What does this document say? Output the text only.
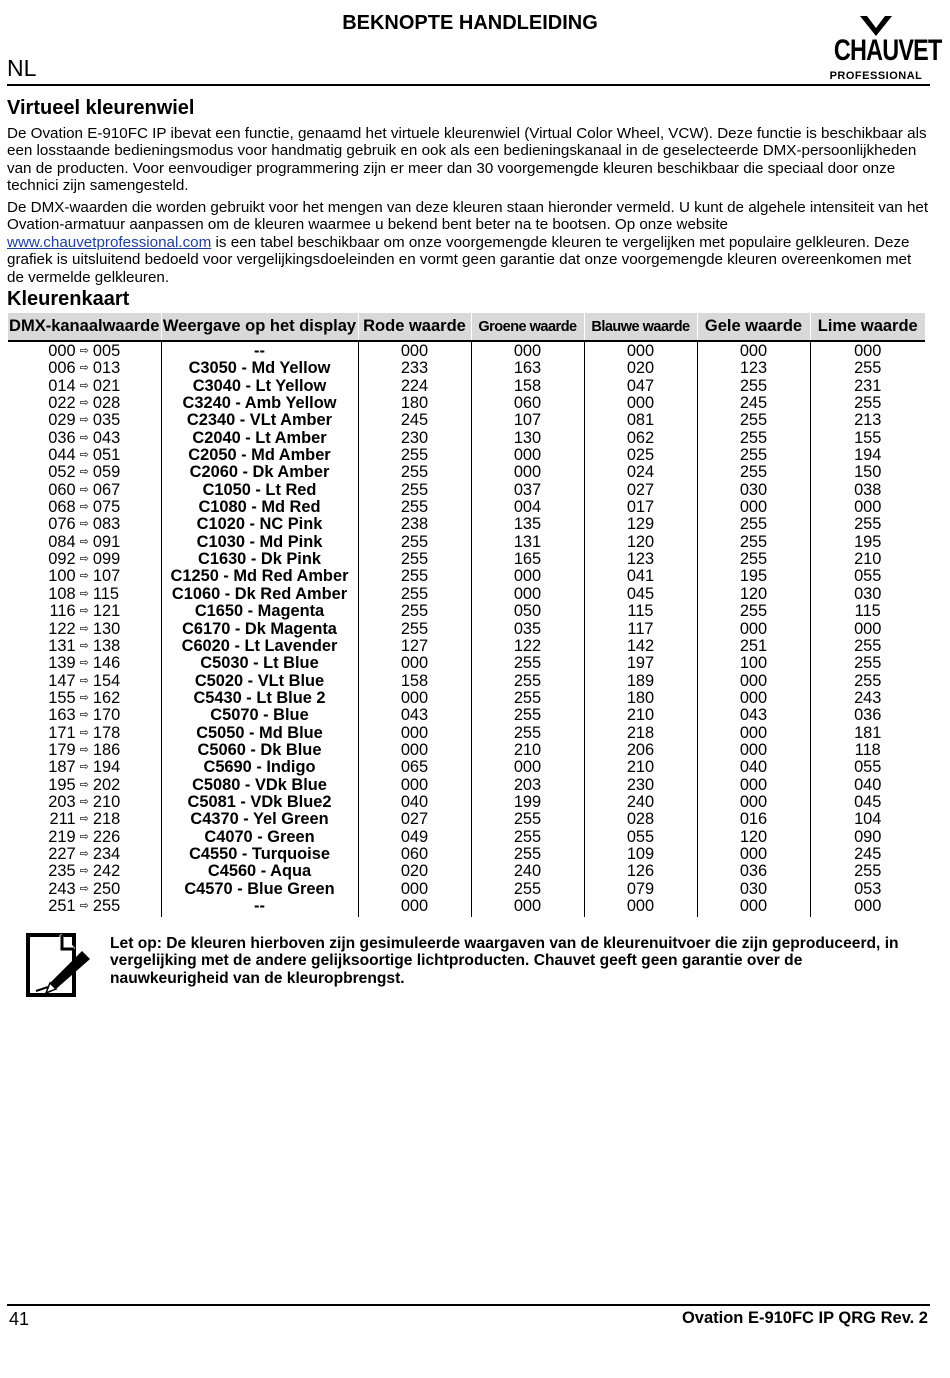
BEKNOPTE HANDLEIDING
NL
CHAUVET
PROFESSIONAL
Virtueel kleurenwiel
De Ovation E-910FC IP ibevat een functie, genaamd het virtuele kleurenwiel (Virtual Color Wheel, VCW). Deze functie is beschikbaar als een losstaande bedieningsmodus voor handmatig gebruik en ook als een bedieningskanaal in de geselecteerde DMX-persoonlijkheden van de producten. Voor eenvoudiger programmering zijn er meer dan 30 voorgemengde kleuren beschikbaar die speciaal door onze technici zijn samengesteld.
De DMX-waarden die worden gebruikt voor het mengen van deze kleuren staan hieronder vermeld. U kunt de algehele intensiteit van het Ovation-armatuur aanpassen om de kleuren waarmee u bekend bent beter na te bootsen. Op onze website www.chauvetprofessional.com is een tabel beschikbaar om onze voorgemengde kleuren te vergelijken met populaire gelkleuren. Deze grafiek is uitsluitend bedoeld voor vergelijkingsdoeleinden en vormt geen garantie dat onze voorgemengde kleuren overeenkomen met de vermelde gelkleuren.
Kleurenkaart
DMX-kanaalwaarde	Weergave op het display	Rode waarde	Groene waarde	Blauwe waarde	Gele waarde	Lime waarde

000 ⇨ 005	--	000	000	000	000	000

006 ⇨ 013	C3050 - Md Yellow	233	163	020	123	255

014 ⇨ 021	C3040 - Lt Yellow	224	158	047	255	231

022 ⇨ 028	C3240 - Amb Yellow	180	060	000	245	255

029 ⇨ 035	C2340 - VLt Amber	245	107	081	255	213

036 ⇨ 043	C2040 - Lt Amber	230	130	062	255	155

044 ⇨ 051	C2050 - Md Amber	255	000	025	255	194

052 ⇨ 059	C2060 - Dk Amber	255	000	024	255	150

060 ⇨ 067	C1050 - Lt Red	255	037	027	030	038

068 ⇨ 075	C1080 - Md Red	255	004	017	000	000

076 ⇨ 083	C1020 - NC Pink	238	135	129	255	255

084 ⇨ 091	C1030 - Md Pink	255	131	120	255	195

092 ⇨ 099	C1630 - Dk Pink	255	165	123	255	210

100 ⇨ 107	C1250 - Md Red Amber	255	000	041	195	055

108 ⇨ 115	C1060 - Dk Red Amber	255	000	045	120	030

116 ⇨ 121	C1650 - Magenta	255	050	115	255	115

122 ⇨ 130	C6170 - Dk Magenta	255	035	117	000	000

131 ⇨ 138	C6020 - Lt Lavender	127	122	142	251	255

139 ⇨ 146	C5030 - Lt Blue	000	255	197	100	255

147 ⇨ 154	C5020 - VLt Blue	158	255	189	000	255

155 ⇨ 162	C5430 - Lt Blue 2	000	255	180	000	243

163 ⇨ 170	C5070 - Blue	043	255	210	043	036

171 ⇨ 178	C5050 - Md Blue	000	255	218	000	181

179 ⇨ 186	C5060 - Dk Blue	000	210	206	000	118

187 ⇨ 194	C5690 - Indigo	065	000	210	040	055

195 ⇨ 202	C5080 - VDk Blue	000	203	230	000	040

203 ⇨ 210	C5081 - VDk Blue2	040	199	240	000	045

211 ⇨ 218	C4370 - Yel Green	027	255	028	016	104

219 ⇨ 226	C4070 - Green	049	255	055	120	090

227 ⇨ 234	C4550 - Turquoise	060	255	109	000	245

235 ⇨ 242	C4560 - Aqua	020	240	126	036	255

243 ⇨ 250	C4570 - Blue Green	000	255	079	030	053

251 ⇨ 255	--	000	000	000	000	000
Let op: De kleuren hierboven zijn gesimuleerde waargaven van de kleurenuitvoer die zijn geproduceerd, in vergelijking met de andere gelijksoortige lichtproducten. Chauvet geeft geen garantie over de nauwkeurigheid van de kleuropbrengst.
41	Ovation E-910FC IP QRG Rev. 2
